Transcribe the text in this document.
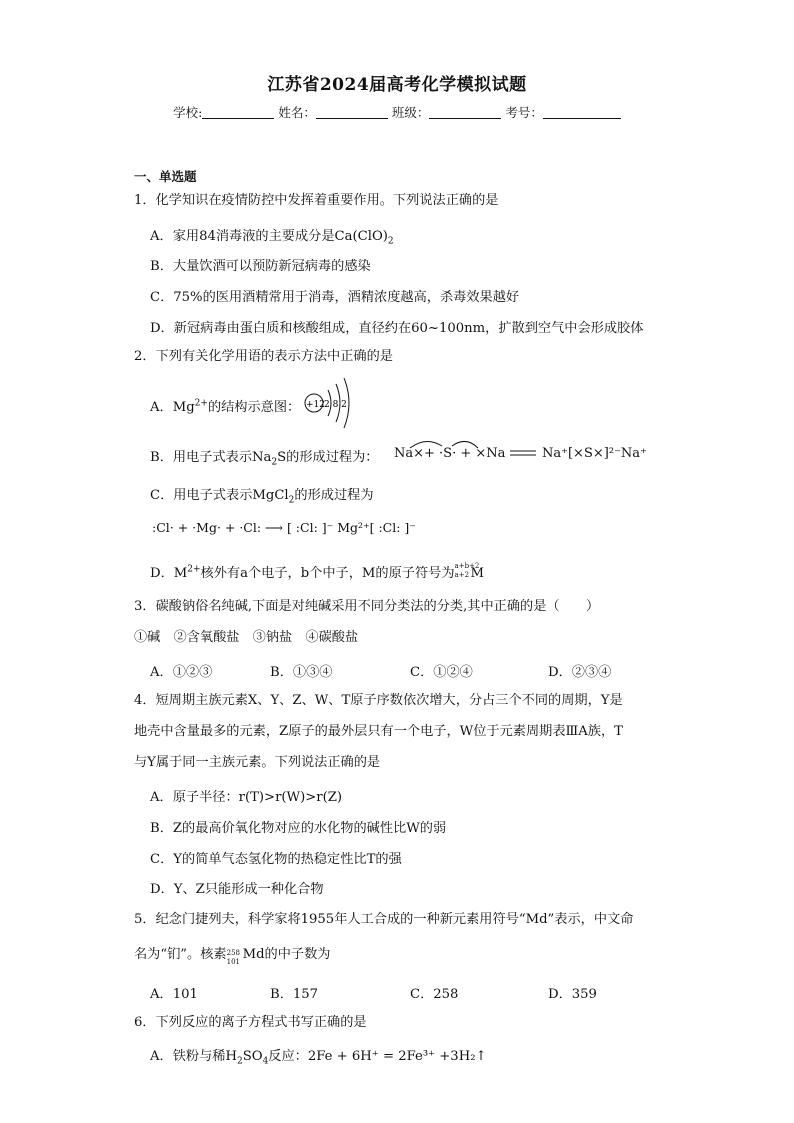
江苏省2024届高考化学模拟试题
学校:	姓名：	班级：	考号：
一、单选题
1．化学知识在疫情防控中发挥着重要作用。下列说法正确的是
A．家用84消毒液的主要成分是$Ca(ClO)_2$
B．大量饮酒可以预防新冠病毒的感染
C．75%的医用酒精常用于消毒，酒精浓度越高，杀毒效果越好
D．新冠病毒由蛋白质和核酸组成，直径约在60~100nm，扩散到空气中会形成胶体
2．下列有关化学用语的表示方法中正确的是
A．$Mg^{2+}$的结构示意图： +12 2 8 2
B．用电子式表示$Na_2S$的形成过程为： Na×+ ·S· + ×Na	Na⁺[×S×]²⁻Na⁺
C．用电子式表示MgCl$_2$的形成过程为
:Cl· + ·Mg· + ·Cl: ⟶ [ :Cl: ]⁻ Mg²⁺[ :Cl: ]⁻
D．$M^{2+}$核外有a个电子，b个中子，M的原子符号为
a+b+2
a+2 M
3．碳酸钠俗名纯碱,下面是对纯碱采用不同分类法的分类,其中正确的是（　　）
①碱　②含氧酸盐　③钠盐　④碳酸盐
A．①②③	B．①③④	C．①②④	D．②③④
4．短周期主族元素X、Y、Z、W、T原子序数依次增大，分占三个不同的周期，Y是
地壳中含量最多的元素，Z原子的最外层只有一个电子，W位于元素周期表ⅢA族，T
与Y属于同一主族元素。下列说法正确的是
A．原子半径：r(T)>r(W)>r(Z)
B．Z的最高价氧化物对应的水化物的碱性比W的弱
C．Y的简单气态氢化物的热稳定性比T的强
D．Y、Z只能形成一种化合物
5．纪念门捷列夫，科学家将1955年人工合成的一种新元素用符号“Md”表示，中文命
名为“钔”。核素 258
101 Md的中子数为
A．101	B．157	C．258	D．359
6．下列反应的离子方程式书写正确的是
A．铁粉与稀$H_2SO_4$反应：2Fe + 6H⁺ = 2Fe³⁺ +3H₂↑
